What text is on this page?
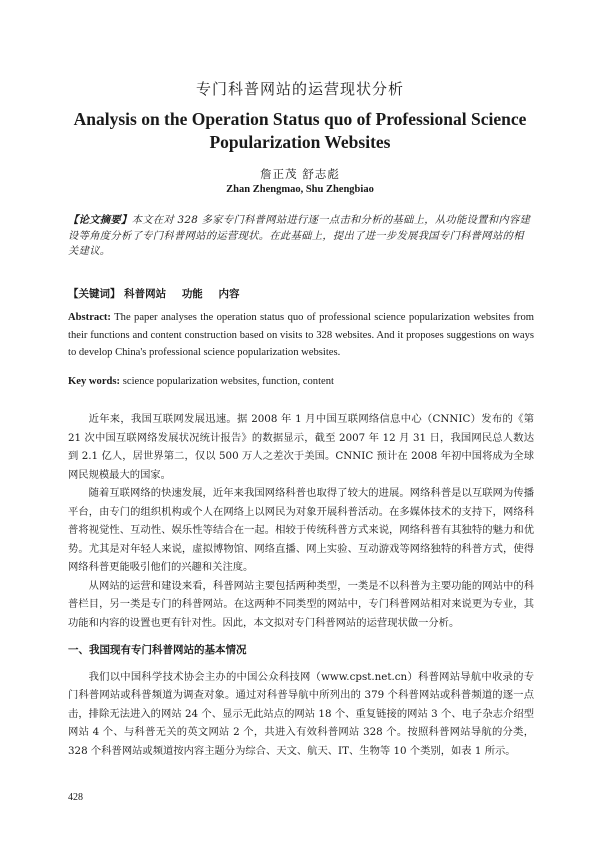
专门科普网站的运营现状分析
Analysis on the Operation Status quo of Professional Science Popularization Websites
詹正茂 舒志彪
Zhan Zhengmao, Shu Zhengbiao
【论文摘要】本文在对 328 多家专门科普网站进行逐一点击和分析的基础上，从功能设置和内容建设等角度分析了专门科普网站的运营现状。在此基础上，提出了进一步发展我国专门科普网站的相关建议。
【关键词】 科普网站 功能 内容
Abstract: The paper analyses the operation status quo of professional science popularization websites from their functions and content construction based on visits to 328 websites. And it proposes suggestions on ways to develop China's professional science popularization websites.
Key words: science popularization websites, function, content

近年来，我国互联网发展迅速。据 2008 年 1 月中国互联网络信息中心（CNNIC）发布的《第 21 次中国互联网络发展状况统计报告》的数据显示，截至 2007 年 12 月 31 日，我国网民总人数达到 2.1 亿人，居世界第二，仅以 500 万人之差次于美国。CNNIC 预计在 2008 年初中国将成为全球网民规模最大的国家。

随着互联网络的快速发展，近年来我国网络科普也取得了较大的进展。网络科普是以互联网为传播平台，由专门的组织机构或个人在网络上以网民为对象开展科普活动。在多媒体技术的支持下，网络科普将视觉性、互动性、娱乐性等结合在一起。相较于传统科普方式来说，网络科普有其独特的魅力和优势。尤其是对年轻人来说，虚拟博物馆、网络直播、网上实验、互动游戏等网络独特的科普方式，使得网络科普更能吸引他们的兴趣和关注度。

从网站的运营和建设来看，科普网站主要包括两种类型，一类是不以科普为主要功能的网站中的科普栏目，另一类是专门的科普网站。在这两种不同类型的网站中，专门科普网站相对来说更为专业，其功能和内容的设置也更有针对性。因此，本文拟对专门科普网站的运营现状做一分析。

一、我国现有专门科普网站的基本情况

我们以中国科学技术协会主办的中国公众科技网（www.cpst.net.cn）科普网站导航中收录的专门科普网站或科普频道为调查对象。通过对科普导航中所列出的 379 个科普网站或科普频道的逐一点击，排除无法进入的网站 24 个、显示无此站点的网站 18 个、重复链接的网站 3 个、电子杂志介绍型网站 4 个、与科普无关的英文网站 2 个，共进入有效科普网站 328 个。按照科普网站导航的分类，328 个科普网站或频道按内容主题分为综合、天文、航天、IT、生物等 10 个类别，如表 1 所示。

428
